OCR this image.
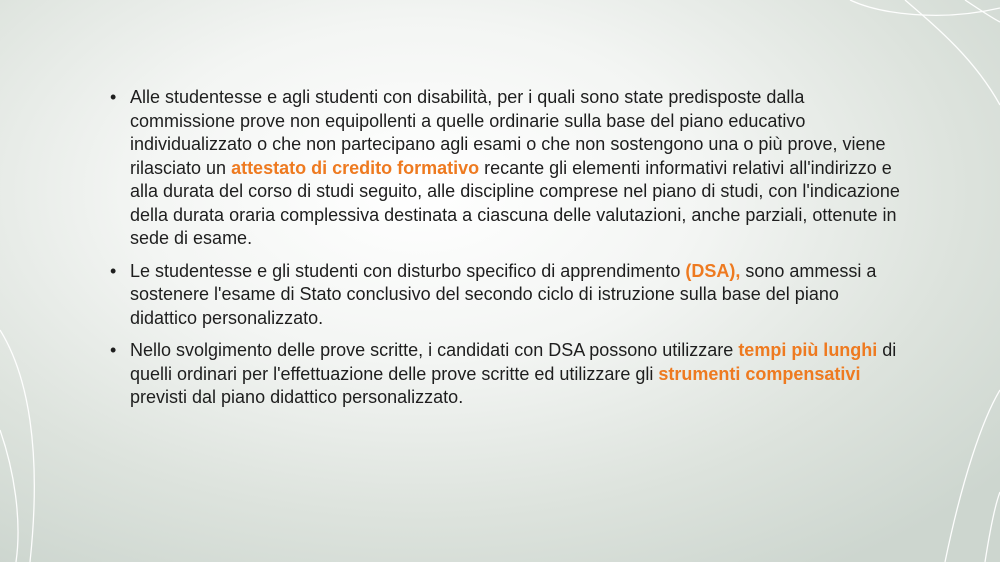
• Alle studentesse e agli studenti con disabilità, per i quali sono state predisposte dalla commissione prove non equipollenti a quelle ordinarie sulla base del piano educativo individualizzato o che non partecipano agli esami o che non sostengono una o più prove, viene rilasciato un attestato di credito formativo recante gli elementi informativi relativi all'indirizzo e alla durata del corso di studi seguito, alle discipline comprese nel piano di studi, con l'indicazione della durata oraria complessiva destinata a ciascuna delle valutazioni, anche parziali, ottenute in sede di esame.
• Le studentesse e gli studenti con disturbo specifico di apprendimento (DSA), sono ammessi a sostenere l'esame di Stato conclusivo del secondo ciclo di istruzione sulla base del piano didattico personalizzato.
• Nello svolgimento delle prove scritte, i candidati con DSA possono utilizzare tempi più lunghi di quelli ordinari per l'effettuazione delle prove scritte ed utilizzare gli strumenti compensativi previsti dal piano didattico personalizzato.
